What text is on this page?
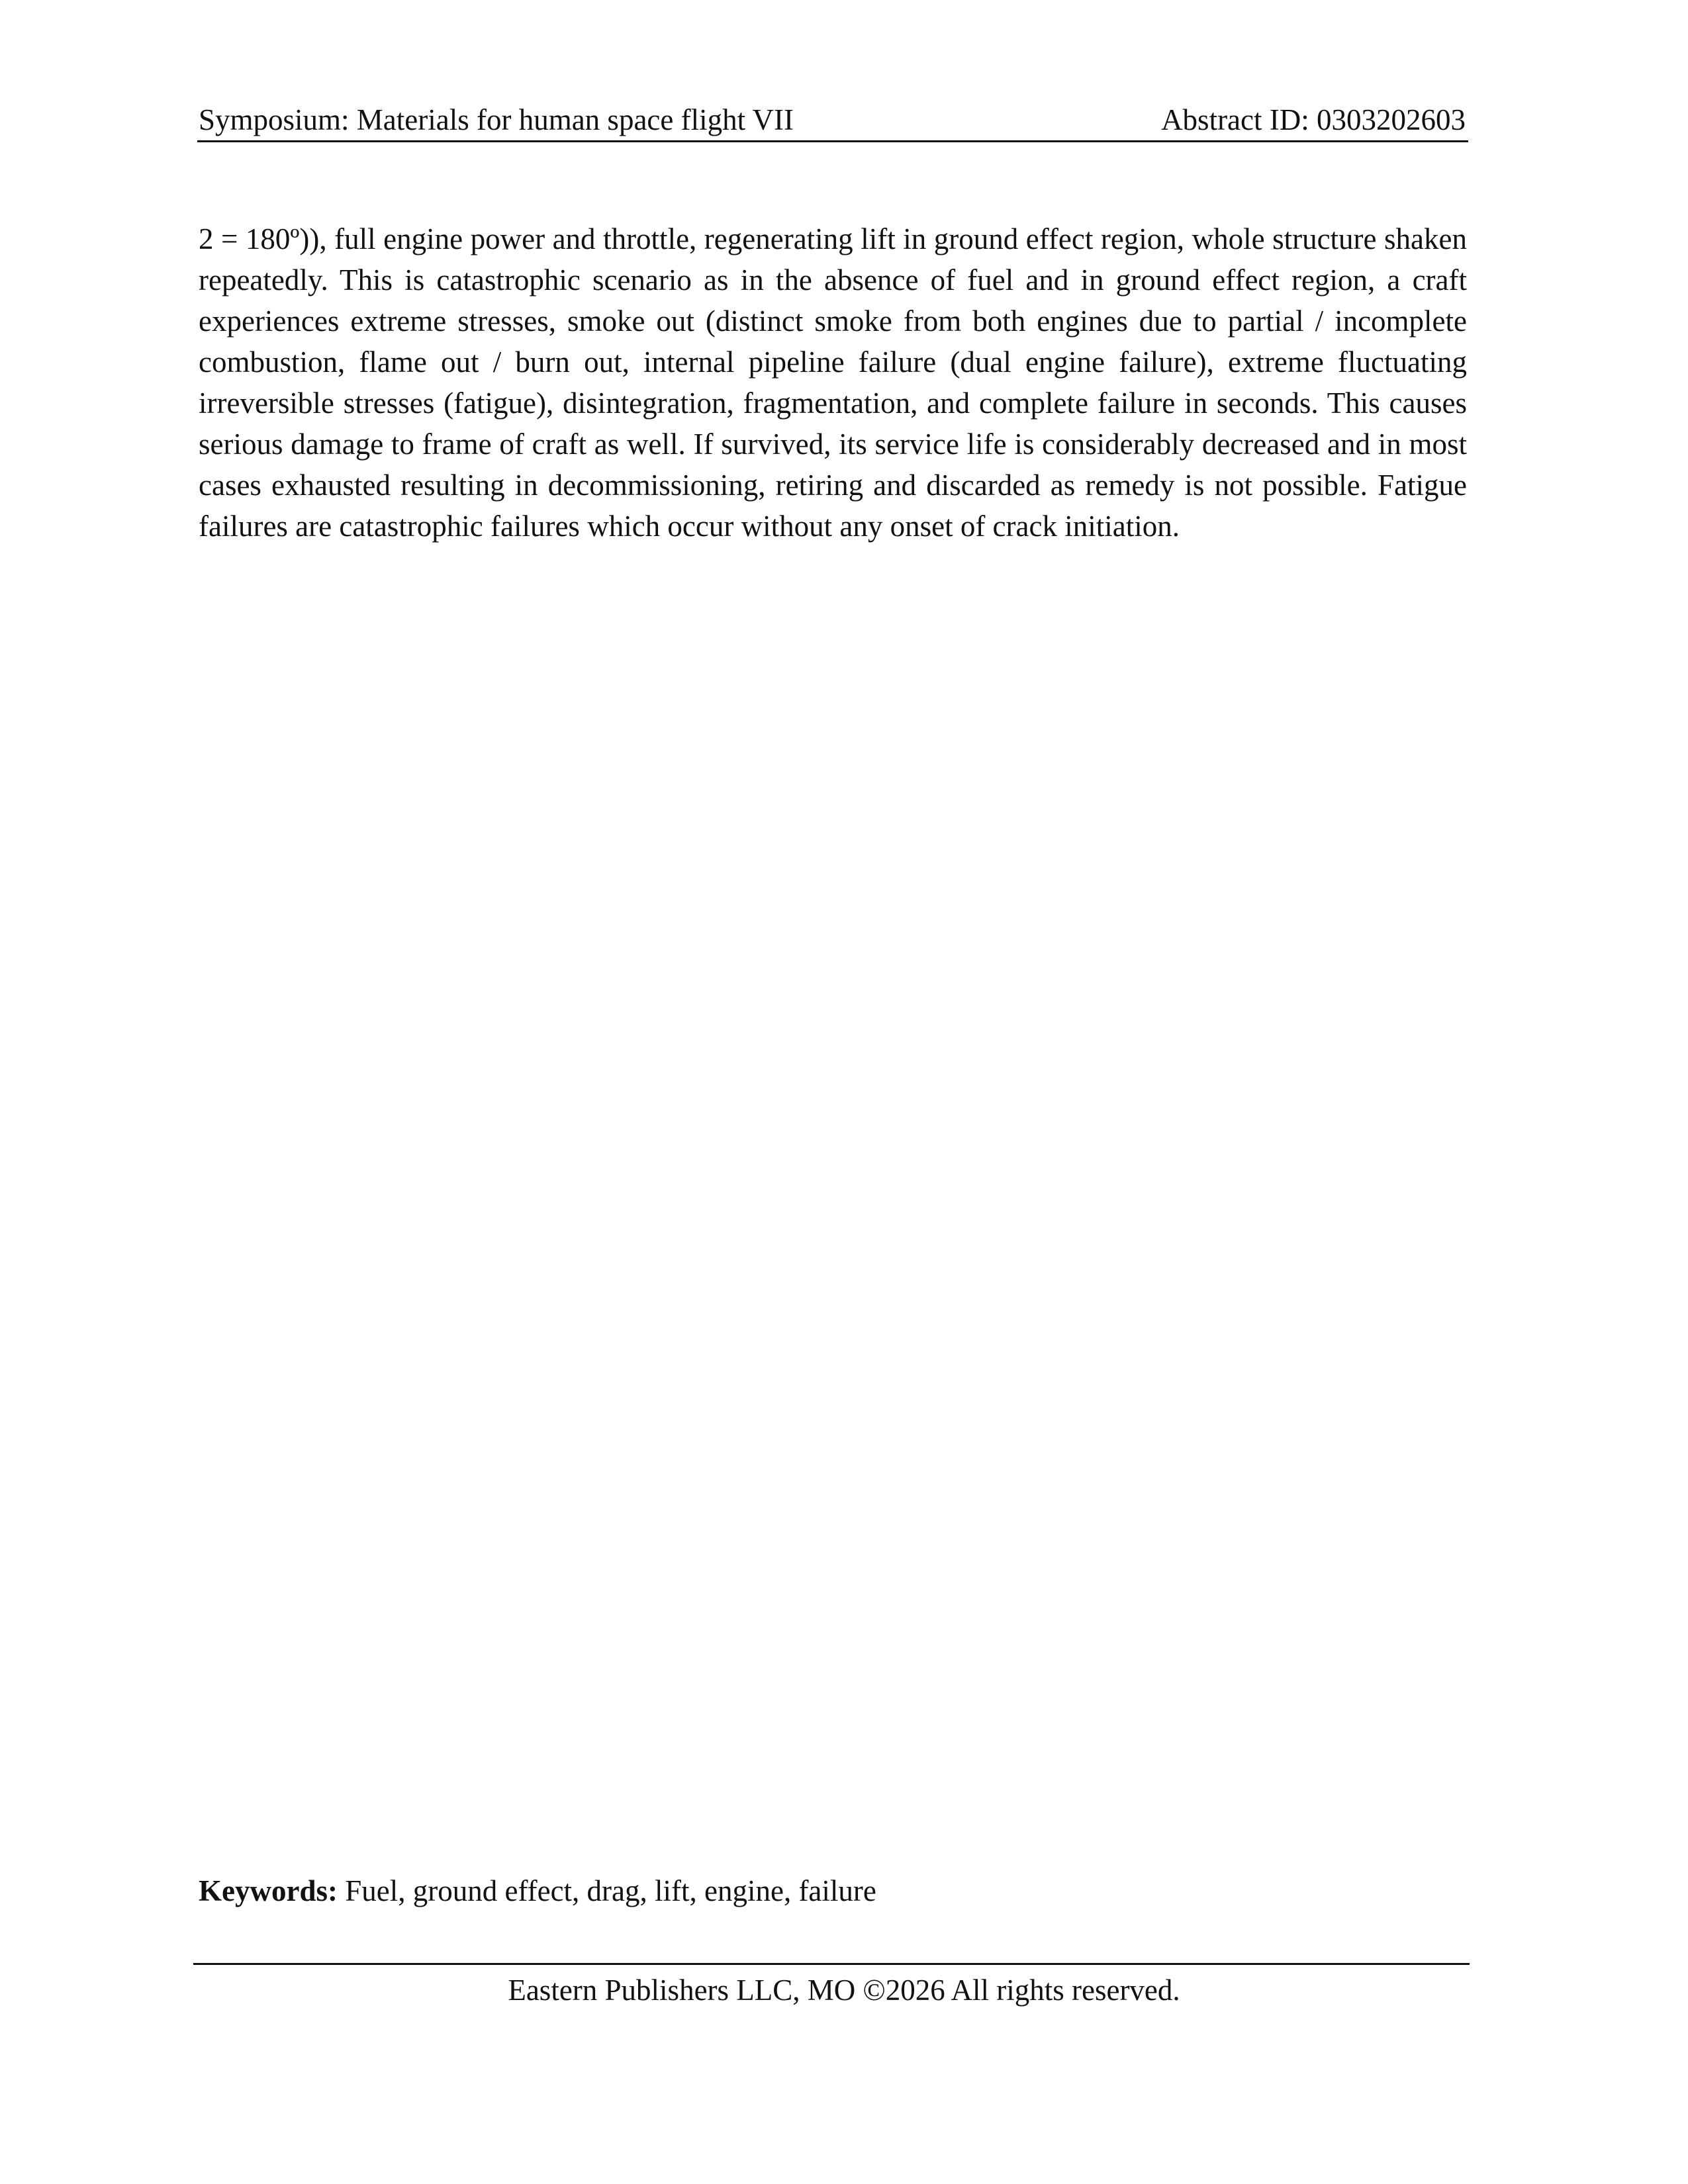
Symposium: Materials for human space flight VII	Abstract ID: 0303202603

2 = 180º)), full engine power and throttle, regenerating lift in ground effect region, whole structure shaken repeatedly. This is catastrophic scenario as in the absence of fuel and in ground effect region, a craft experiences extreme stresses, smoke out (distinct smoke from both engines due to partial / incomplete combustion, flame out / burn out, internal pipeline failure (dual engine failure), extreme fluctuating irreversible stresses (fatigue), disintegration, fragmentation, and complete failure in seconds. This causes serious damage to frame of craft as well. If survived, its service life is considerably decreased and in most cases exhausted resulting in decommissioning, retiring and discarded as remedy is not possible. Fatigue failures are catastrophic failures which occur without any onset of crack initiation.

Keywords: Fuel, ground effect, drag, lift, engine, failure
Eastern Publishers LLC, MO ©2026 All rights reserved.
